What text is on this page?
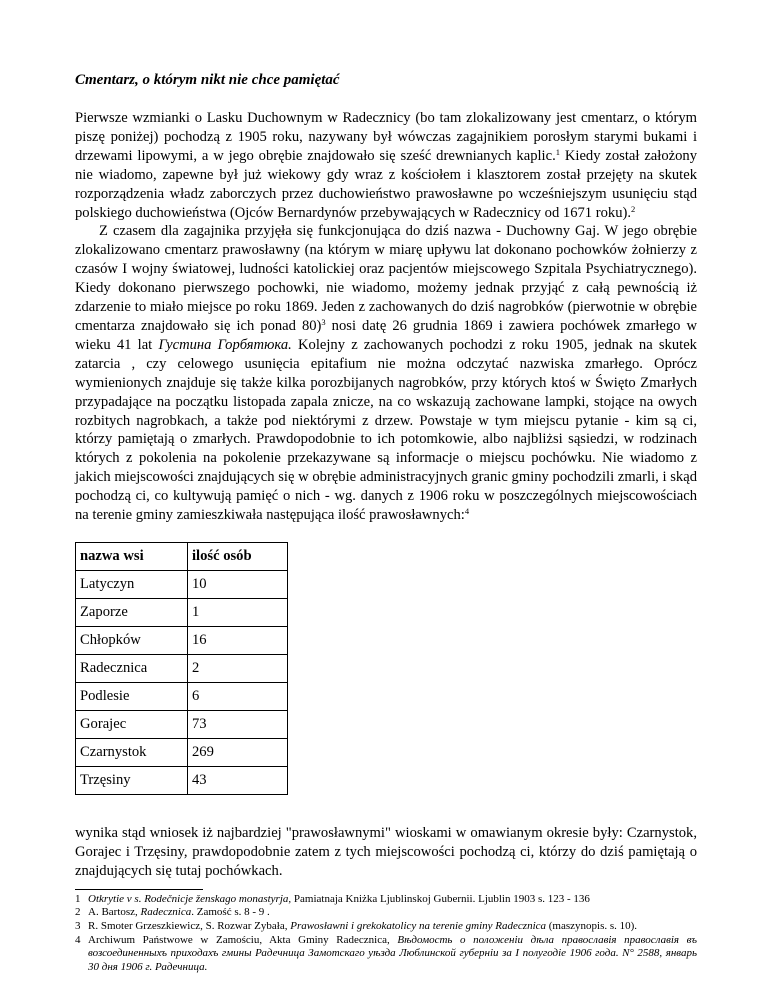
Cmentarz, o którym nikt nie chce pamiętać

Pierwsze wzmianki o Lasku Duchownym w Radecznicy (bo tam zlokalizowany jest cmentarz, o którym piszę poniżej) pochodzą z 1905 roku, nazywany był wówczas zagajnikiem porosłym starymi bukami i drzewami lipowymi, a w jego obrębie znajdowało się sześć drewnianych kaplic.$^1$ Kiedy został założony nie wiadomo, zapewne był już wiekowy gdy wraz z kościołem i klasztorem został przejęty na skutek rozporządzenia władz zaborczych przez duchowieństwo prawosławne po wcześniejszym usunięciu stąd polskiego duchowieństwa (Ojców Bernardynów przebywających w Radecznicy od 1671 roku).$^2$

Z czasem dla zagajnika przyjęła się funkcjonująca do dziś nazwa - Duchowny Gaj. W jego obrębie zlokalizowano cmentarz prawosławny (na którym w miarę upływu lat dokonano pochowków żołnierzy z czasów I wojny światowej, ludności katolickiej oraz pacjentów miejscowego Szpitala Psychiatrycznego). Kiedy dokonano pierwszego pochowki, nie wiadomo, możemy jednak przyjąć z całą pewnością iż zdarzenie to miało miejsce po roku 1869. Jeden z zachowanych do dziś nagrobków (pierwotnie w obrębie cmentarza znajdowało się ich ponad 80)$^3$ nosi datę 26 grudnia 1869 i zawiera pochówek zmarłego w wieku 41 lat Густина Горбятюка. Kolejny z zachowanych pochodzi z roku 1905, jednak na skutek zatarcia , czy celowego usunięcia epitafium nie można odczytać nazwiska zmarłego. Oprócz wymienionych znajduje się także kilka porozbijanych nagrobków, przy których ktoś w Święto Zmarłych przypadające na początku listopada zapala znicze, na co wskazują zachowane lampki, stojące na owych rozbitych nagrobkach, a także pod niektórymi z drzew. Powstaje w tym miejscu pytanie - kim są ci, którzy pamiętają o zmarłych. Prawdopodobnie to ich potomkowie, albo najbliżsi sąsiedzi, w rodzinach których z pokolenia na pokolenie przekazywane są informacje o miejscu pochówku. Nie wiadomo z jakich miejscowości znajdujących się w obrębie administracyjnych granic gminy pochodzili zmarli, i skąd pochodzą ci, co kultywują pamięć o nich - wg. danych z 1906 roku w poszczególnych miejscowościach na terenie gminy zamieszkiwała następująca ilość prawosławnych:$^4$

nazwa wsi	ilość osób
Latyczyn	10
Zaporze	1
Chłopków	16
Radecznica	2
Podlesie	6
Gorajec	73
Czarnystok	269
Trzęsiny	43

wynika stąd wniosek iż najbardziej "prawosławnymi" wioskami w omawianym okresie były: Czarnystok, Gorajec i Trzęsiny, prawdopodobnie zatem z tych miejscowości pochodzą ci, którzy do dziś pamiętają o znajdujących się tutaj pochówkach.

1 Otkrytie v s. Rodečnicje ženskago monastyrja, Pamiatnaja Kniżka Ljublinskoj Gubernii. Ljublin 1903 s. 123 - 136
2 A. Bartosz, Radecznica. Zamość s. 8 - 9 .
3 R. Smoter Grzeszkiewicz, S. Rozwar Zybała, Prawosławni i grekokatolicy na terenie gminy Radecznica (maszynopis. s. 10).
4 Archiwum Państwowe w Zamościu, Akta Gminy Radecznica, Вѣдомость о положенiи дѣла православiя православiя въ возсоединенныхъ приходахъ гмины Радечница Замотскаго уѣзда Люблинской губернiи за I полугодiе 1906 года. N° 2588, январь 30 дня 1906 г. Радечница.
